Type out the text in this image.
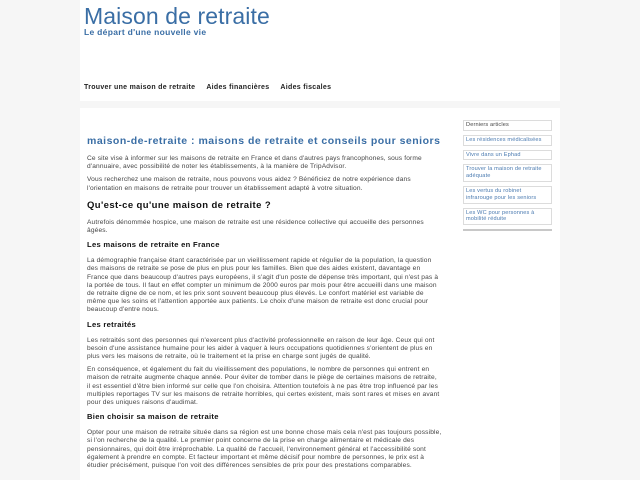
Maison de retraite
Le départ d'une nouvelle vie
Trouver une maison de retraite Aides financières Aides fiscales
maison-de-retraite : maisons de retraite et conseils pour seniors

Ce site vise à informer sur les maisons de retraite en France et dans d'autres pays francophones, sous forme d'annuaire, avec possibilité de noter les établissements, à la manière de TripAdvisor.

Vous recherchez une maison de retraite, nous pouvons vous aidez ? Bénéficiez de notre expérience dans l'orientation en maisons de retraite pour trouver un établissement adapté à votre situation.

Qu'est-ce qu'une maison de retraite ?

Autrefois dénommée hospice, une maison de retraite est une résidence collective qui accueille des personnes âgées.

Les maisons de retraite en France

La démographie française étant caractérisée par un vieillissement rapide et régulier de la population, la question des maisons de retraite se pose de plus en plus pour les familles. Bien que des aides existent, davantage en France que dans beaucoup d'autres pays européens, il s'agit d'un poste de dépense très important, qui n'est pas à la portée de tous. Il faut en effet compter un minimum de 2000 euros par mois pour être accueilli dans une maison de retraite digne de ce nom, et les prix sont souvent beaucoup plus élevés. Le confort matériel est variable de même que les soins et l'attention apportée aux patients. Le choix d'une maison de retraite est donc crucial pour beaucoup d'entre nous.

Les retraités

Les retraités sont des personnes qui n'exercent plus d'activité professionnelle en raison de leur âge. Ceux qui ont besoin d'une assistance humaine pour les aider à vaquer à leurs occupations quotidiennes s'orientent de plus en plus vers les maisons de retraite, où le traitement et la prise en charge sont jugés de qualité.

En conséquence, et également du fait du vieillissement des populations, le nombre de personnes qui entrent en maison de retraite augmente chaque année. Pour éviter de tomber dans le piège de certaines maisons de retraite, il est essentiel d'être bien informé sur celle que l'on choisira. Attention toutefois à ne pas être trop influencé par les multiples reportages TV sur les maisons de retraite horribles, qui certes existent, mais sont rares et mises en avant pour des uniques raisons d'audimat.

Bien choisir sa maison de retraite

Opter pour une maison de retraite située dans sa région est une bonne chose mais cela n'est pas toujours possible, si l'on recherche de la qualité. Le premier point concerne de la prise en charge alimentaire et médicale des pensionnaires, qui doit être irréprochable. La qualité de l'accueil, l'environnement général et l'accessibilité sont également à prendre en compte. Et facteur important et même décisif pour nombre de personnes, le prix est à étudier précisément, puisque l'on voit des différences sensibles de prix pour des prestations comparables.

Derniers articles
Les résidences médicalisées
Vivre dans un Ephad
Trouver la maison de retraite adéquate
Les vertus du robinet infrarouge pour les seniors
Les WC pour personnes à mobilité réduite
